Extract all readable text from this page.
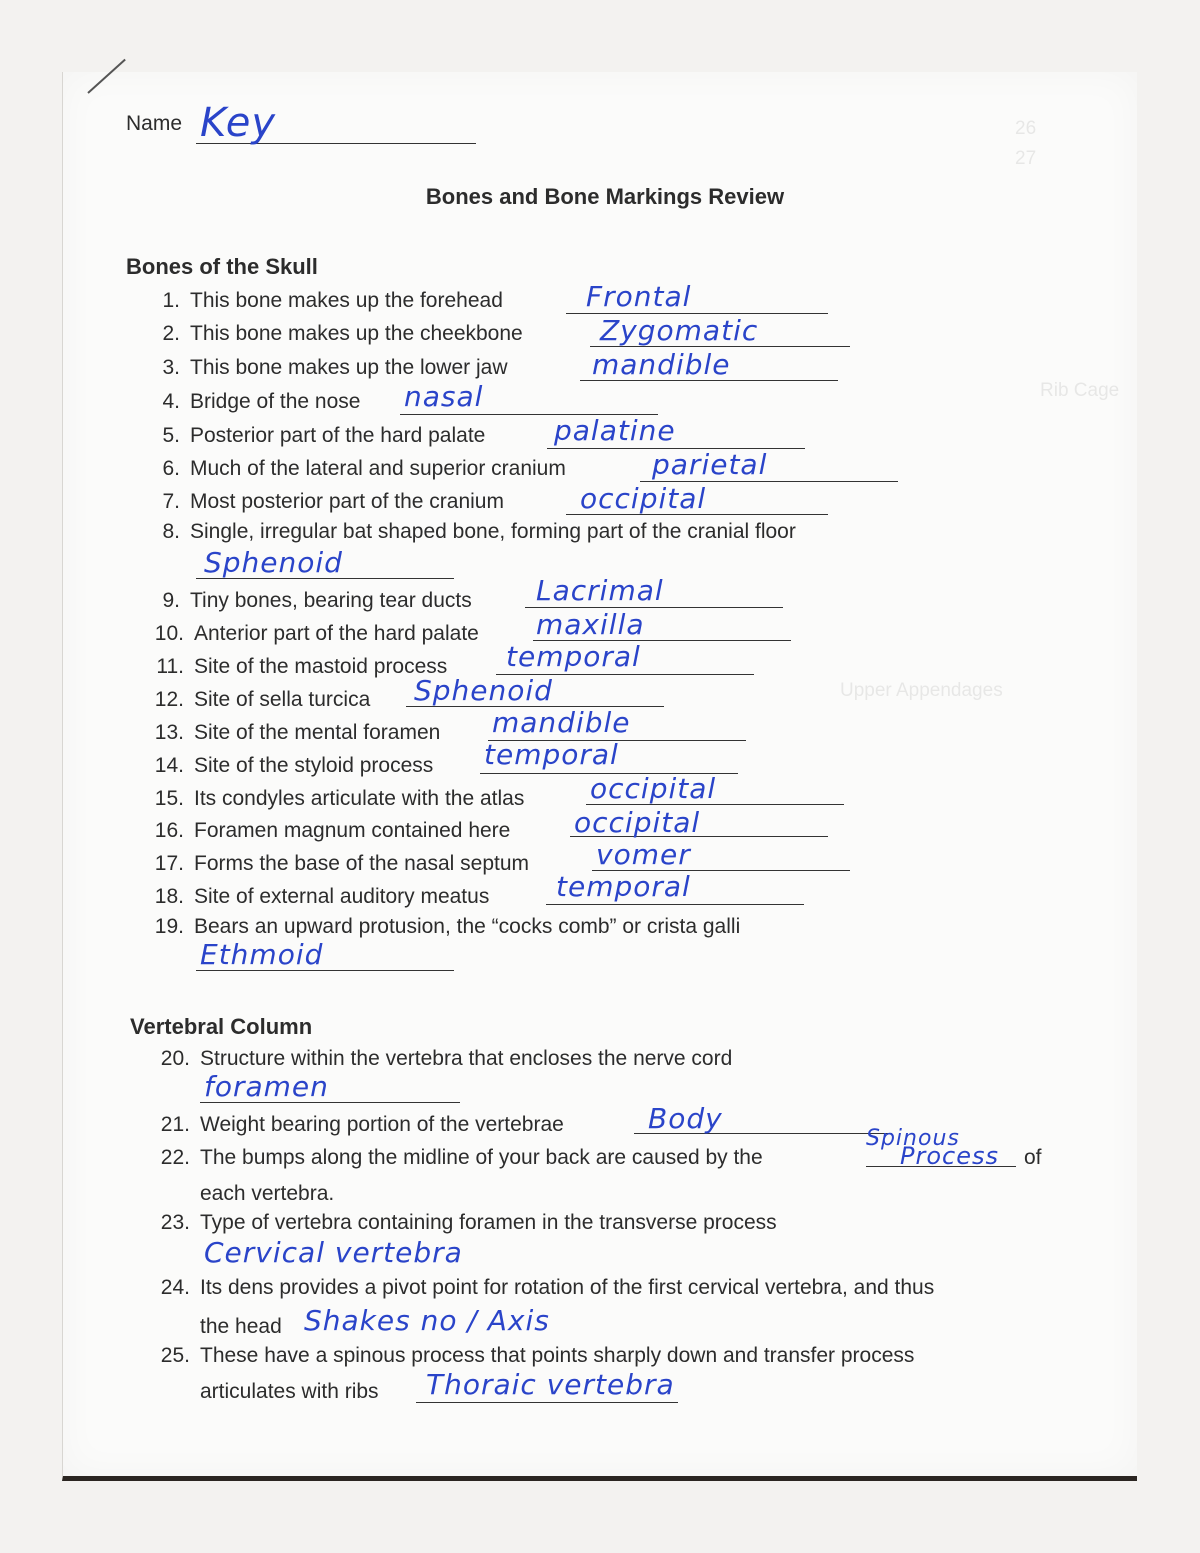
26
27
Rib Cage
Upper Appendages
Name Key
Bones and Bone Markings Review
Bones of the Skull
Vertebral Column
1. This bone makes up the forehead	Frontal
2. This bone makes up the cheekbone	Zygomatic
3. This bone makes up the lower jaw	mandible
4. Bridge of the nose nasal
5. Posterior part of the hard palate palatine
6. Much of the lateral and superior cranium	parietal
7. Most posterior part of the cranium	occipital
8. Single, irregular bat shaped bone, forming part of the cranial floor
Sphenoid
9. Tiny bones, bearing tear ducts Lacrimal
10. Anterior part of the hard palate maxilla
11. Site of the mastoid process temporal
12. Site of sella turcica Sphenoid
13. Site of the mental foramen mandible
14. Site of the styloid process temporal
15. Its condyles articulate with the atlas occipital
16. Foramen magnum contained here occipital
17. Forms the base of the nasal septum vomer
18. Site of external auditory meatus temporal
19. Bears an upward protusion, the “cocks comb” or crista galli
Ethmoid
20. Structure within the vertebra that encloses the nerve cord
foramen
21. Weight bearing portion of the vertebrae	Body
22. The bumps along the midline of your back are caused by the
Spinous
Process of
each vertebra.
23. Type of vertebra containing foramen in the transverse process
Cervical vertebra
24. Its dens provides a pivot point for rotation of the first cervical vertebra, and thus
the head Shakes no / Axis
25. These have a spinous process that points sharply down and transfer process
articulates with ribs Thoraic vertebra
